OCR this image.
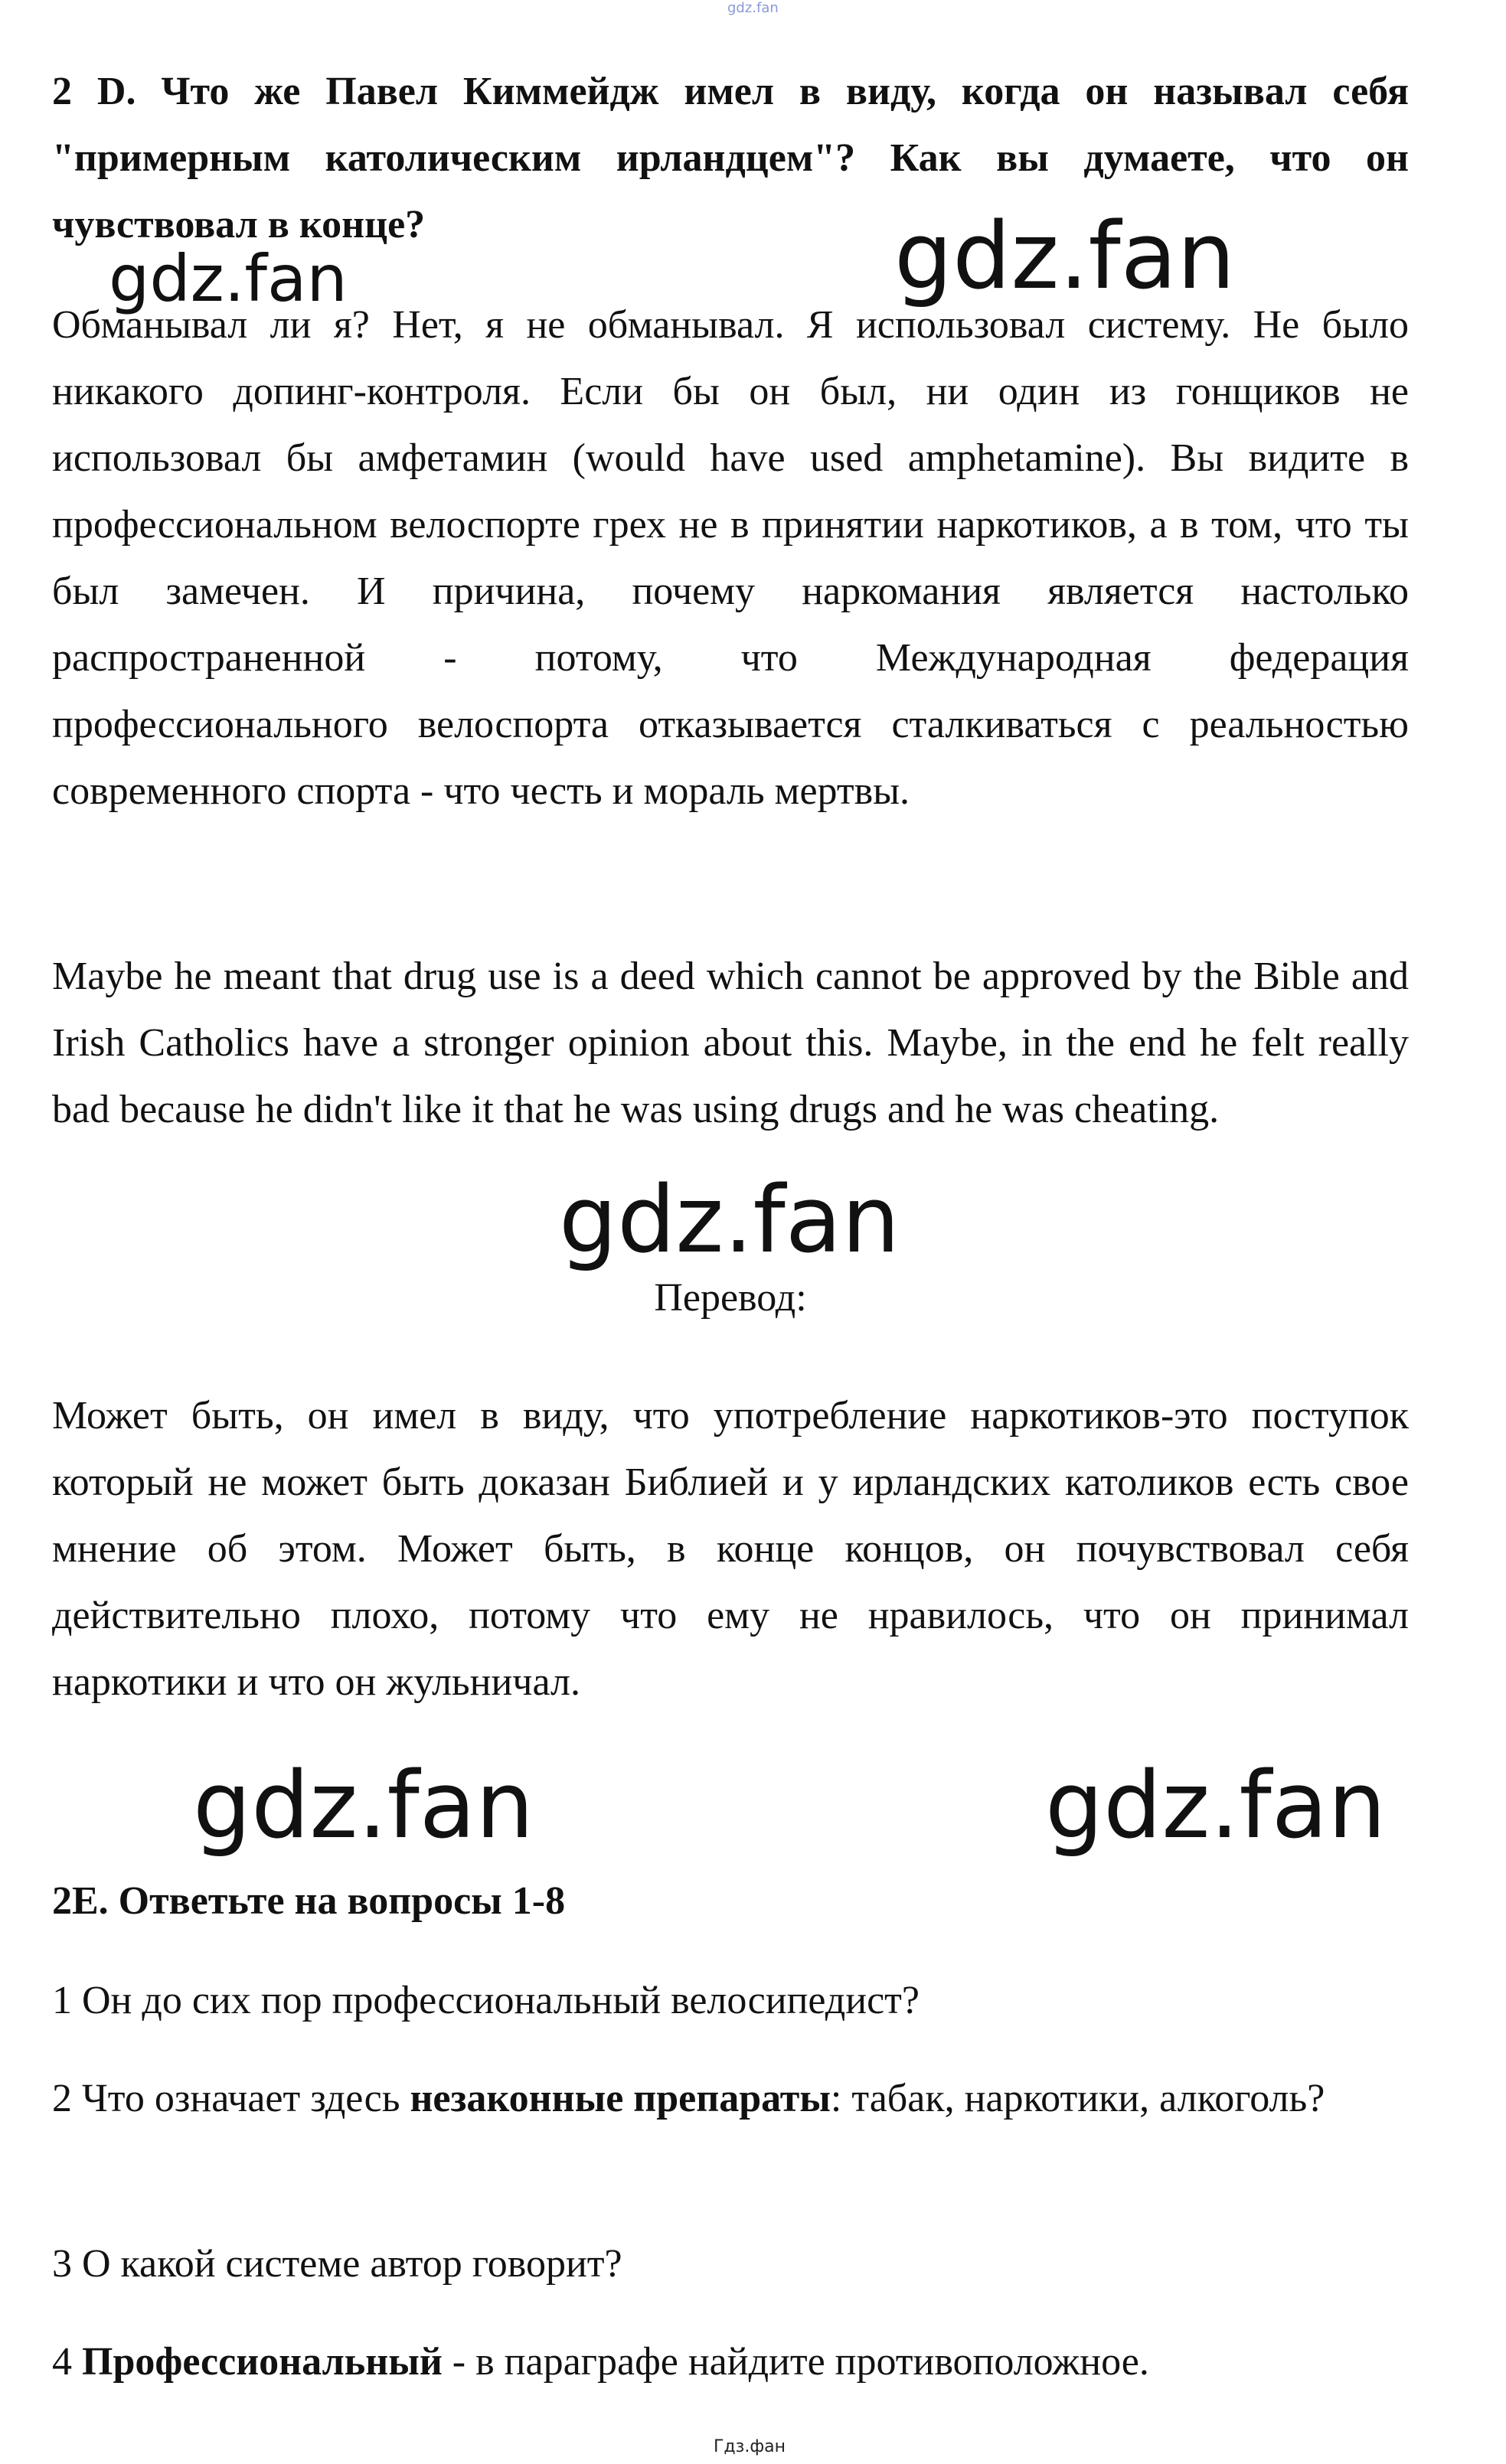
gdz.fan
gdz.fan	gdz.fan
gdz.fan
gdz.fan	gdz.fan
Гдз.фан

2 D. Что же Павел Киммейдж имел в виду, когда он называл себя "примерным католическим ирландцем"? Как вы думаете, что он чувствовал в конце?

Обманывал ли я? Нет, я не обманывал. Я использовал систему. Не было никакого допинг-контроля. Если бы он был, ни один из гонщиков не использовал бы амфетамин (would have used amphetamine). Вы видите в профессиональном велоспорте грех не в принятии наркотиков, а в том, что ты был замечен. И причина, почему наркомания является настолько распространенной - потому, что Международная федерация профессионального велоспорта отказывается сталкиваться с реальностью современного спорта - что честь и мораль мертвы.

Maybe he meant that drug use is a deed which cannot be approved by the Bible and Irish Catholics have a stronger opinion about this. Maybe, in the end he felt really bad because he didn't like it that he was using drugs and he was cheating.

Перевод:

Может быть, он имел в виду, что употребление наркотиков-это поступок который не может быть доказан Библией и у ирландских католиков есть свое мнение об этом. Может быть, в конце концов, он почувствовал себя действительно плохо, потому что ему не нравилось, что он принимал наркотики и что он жульничал.

2Е. Ответьте на вопросы 1-8

1 Он до сих пор профессиональный велосипедист?

2 Что означает здесь незаконные препараты: табак, наркотики, алкоголь?

3 О какой системе автор говорит?

4 Профессиональный - в параграфе найдите противоположное.
